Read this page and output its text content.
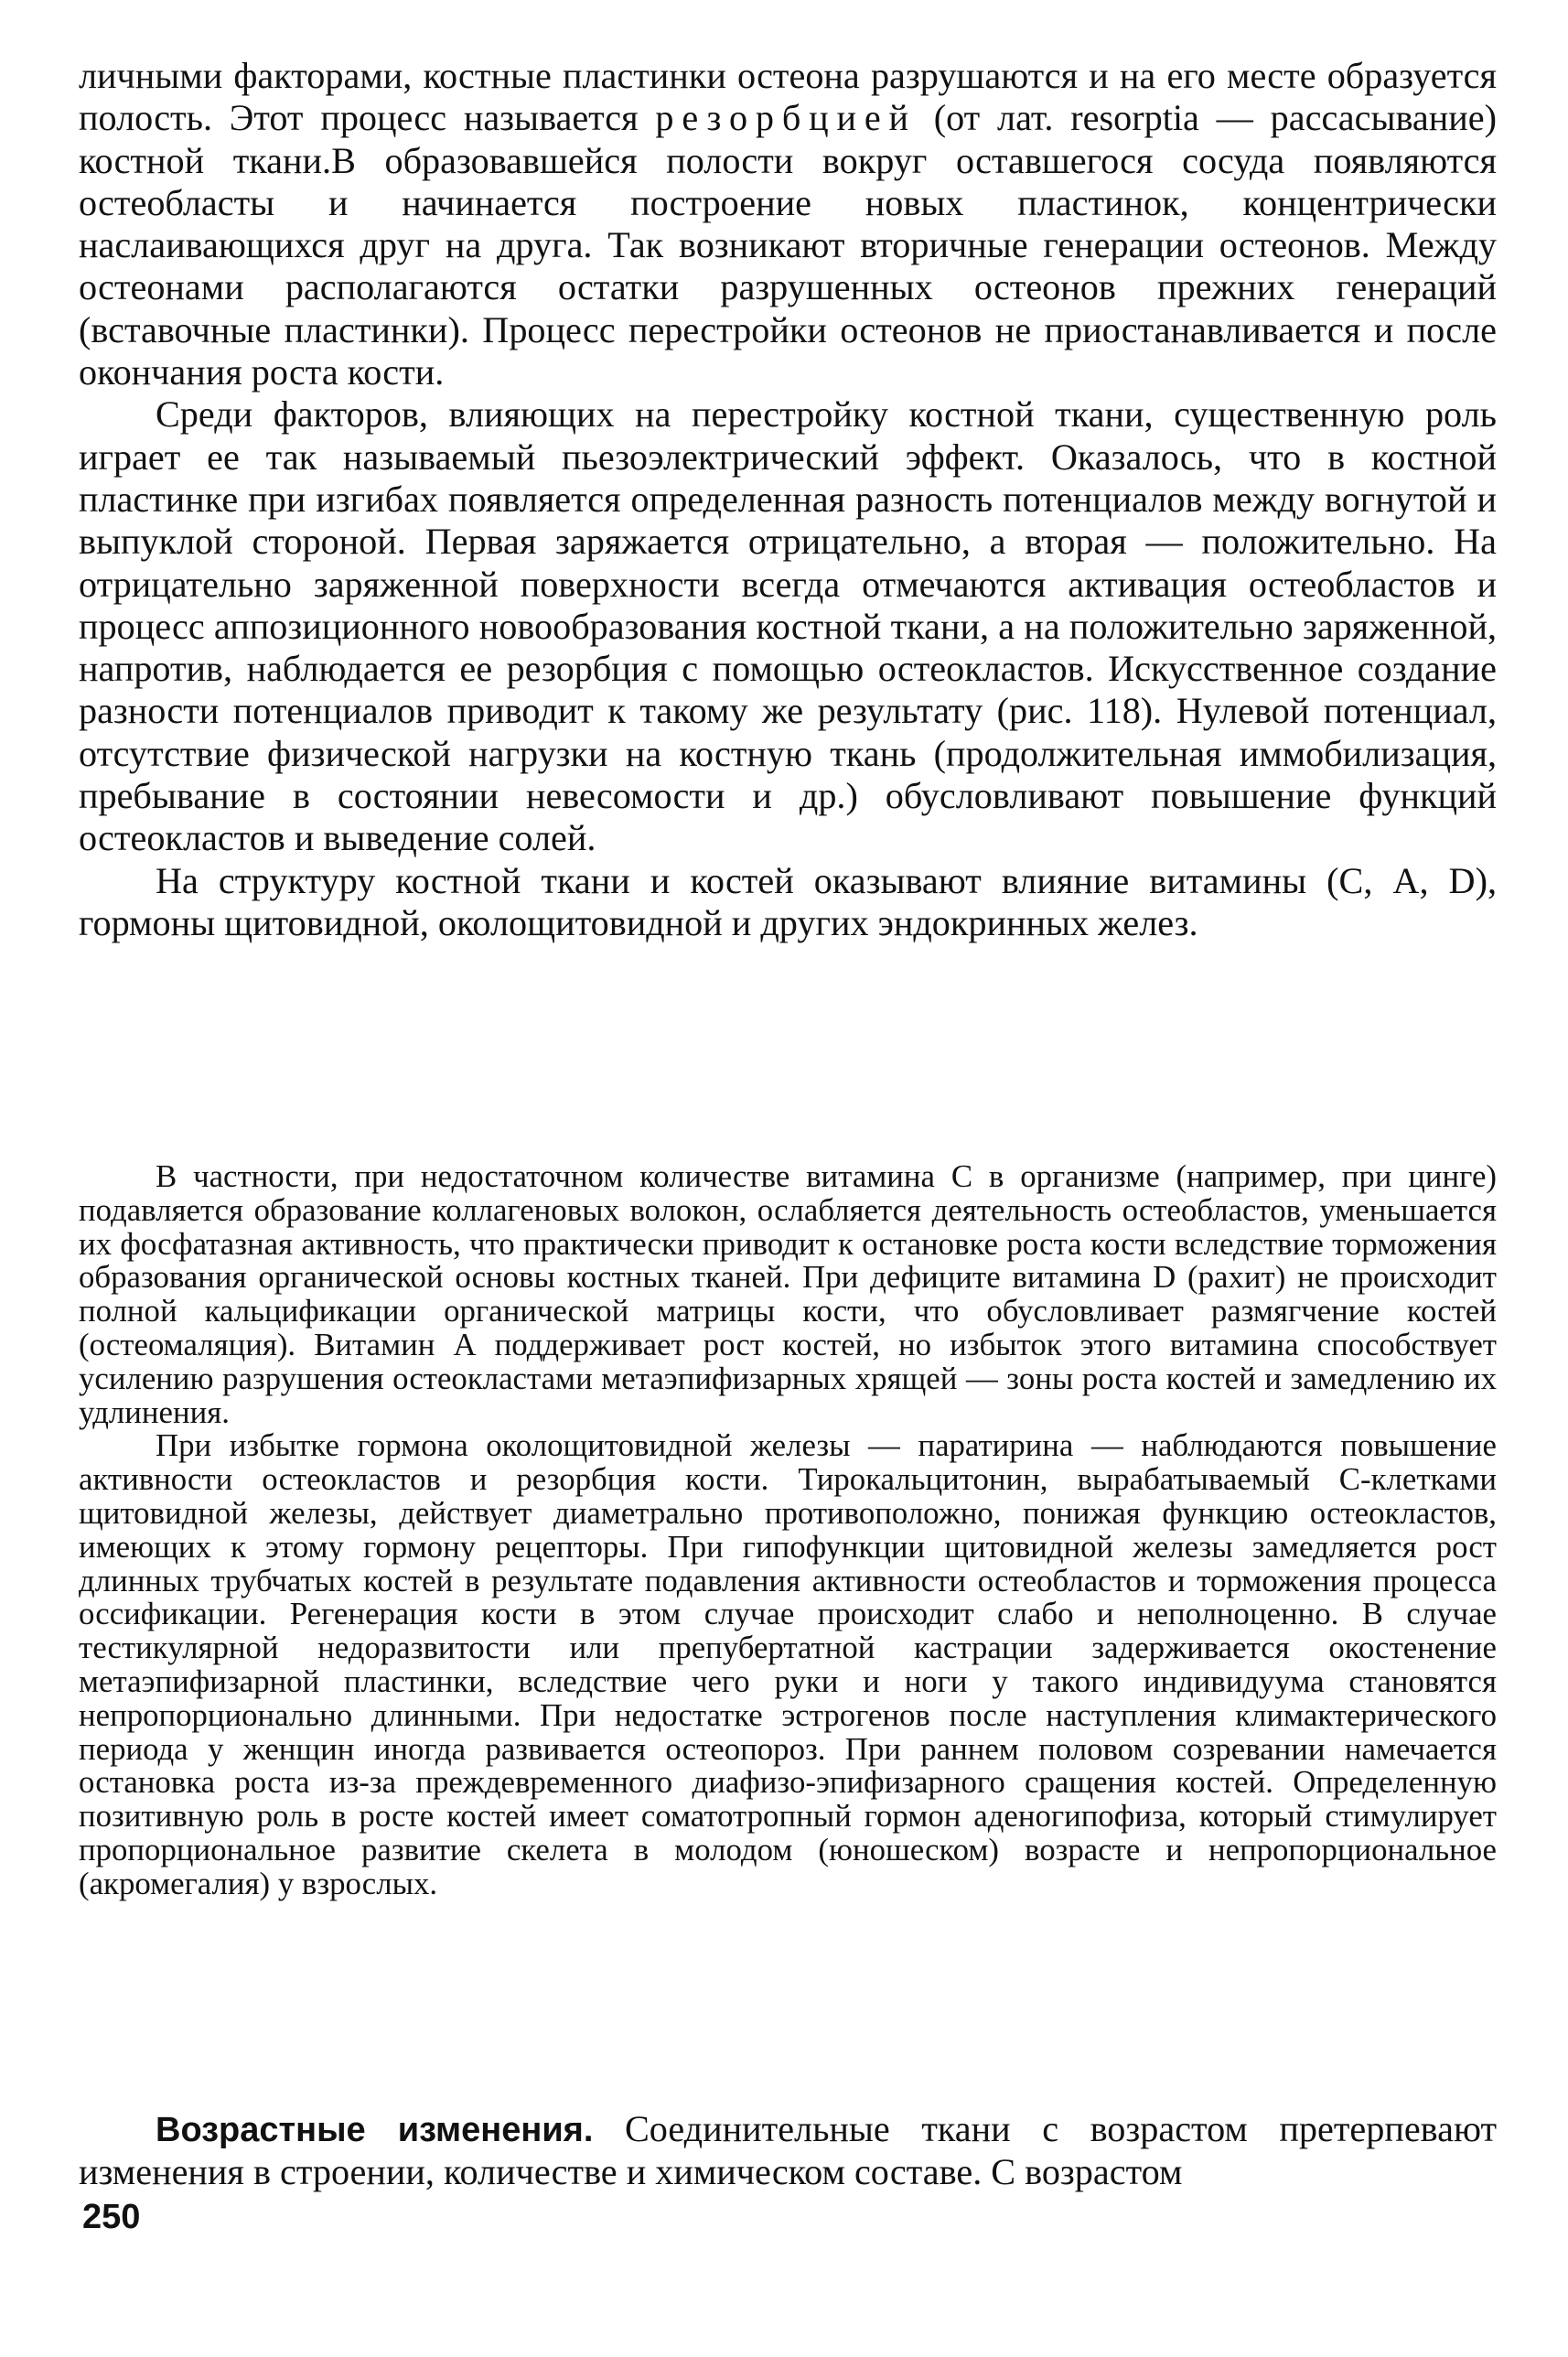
личными факторами, костные пластинки остеона разрушаются и на его месте образуется полость. Этот процесс называется резорбцией (от лат. resorptia — рассасывание) костной ткани.В образовавшейся полости вокруг оставшегося сосуда появляются остеобласты и начинается построение новых пластинок, концентрически наслаивающихся друг на друга. Так возникают вторичные генерации остеонов. Между остеонами располагаются остатки разрушенных остеонов прежних генераций (вставочные пластинки). Процесс перестройки остеонов не приостанавливается и после окончания роста кости.

Среди факторов, влияющих на перестройку костной ткани, существенную роль играет ее так называемый пьезоэлектрический эффект. Оказалось, что в костной пластинке при изгибах появляется определенная разность потенциалов между вогнутой и выпуклой стороной. Первая заряжается отрицательно, а вторая — положительно. На отрицательно заряженной поверхности всегда отмечаются активация остеобластов и процесс аппозиционного новообразования костной ткани, а на положительно заряженной, напротив, наблюдается ее резорбция с помощью остеокластов. Искусственное создание разности потенциалов приводит к такому же результату (рис. 118). Нулевой потенциал, отсутствие физической нагрузки на костную ткань (продолжительная иммобилизация, пребывание в состоянии невесомости и др.) обусловливают повышение функций остеокластов и выведение солей.

На структуру костной ткани и костей оказывают влияние витамины (С, А, D), гормоны щитовидной, околощитовидной и других эндокринных желез.

В частности, при недостаточном количестве витамина С в организме (например, при цинге) подавляется образование коллагеновых волокон, ослабляется деятельность остеобластов, уменьшается их фосфатазная активность, что практически приводит к остановке роста кости вследствие торможения образования органической основы костных тканей. При дефиците витамина D (рахит) не происходит полной кальцификации органической матрицы кости, что обусловливает размягчение костей (остеомаляция). Витамин А поддерживает рост костей, но избыток этого витамина способствует усилению разрушения остеокластами метаэпифизарных хрящей — зоны роста костей и замедлению их удлинения.

При избытке гормона околощитовидной железы — паратирина — наблюдаются повышение активности остеокластов и резорбция кости. Тирокальцитонин, вырабатываемый С-клетками щитовидной железы, действует диаметрально противоположно, понижая функцию остеокластов, имеющих к этому гормону рецепторы. При гипофункции щитовидной железы замедляется рост длинных трубчатых костей в результате подавления активности остеобластов и торможения процесса оссификации. Регенерация кости в этом случае происходит слабо и неполноценно. В случае тестикулярной недоразвитости или препубертатной кастрации задерживается окостенение метаэпифизарной пластинки, вследствие чего руки и ноги у такого индивидуума становятся непропорционально длинными. При недостатке эстрогенов после наступления климактерического периода у женщин иногда развивается остеопороз. При раннем половом созревании намечается остановка роста из-за преждевременного диафизо-эпифизарного сращения костей. Определенную позитивную роль в росте костей имеет соматотропный гормон аденогипофиза, который стимулирует пропорциональное развитие скелета в молодом (юношеском) возрасте и непропорциональное (акромегалия) у взрослых.

Возрастные изменения. Соединительные ткани с возрастом претерпевают изменения в строении, количестве и химическом составе. С возрастом

250
